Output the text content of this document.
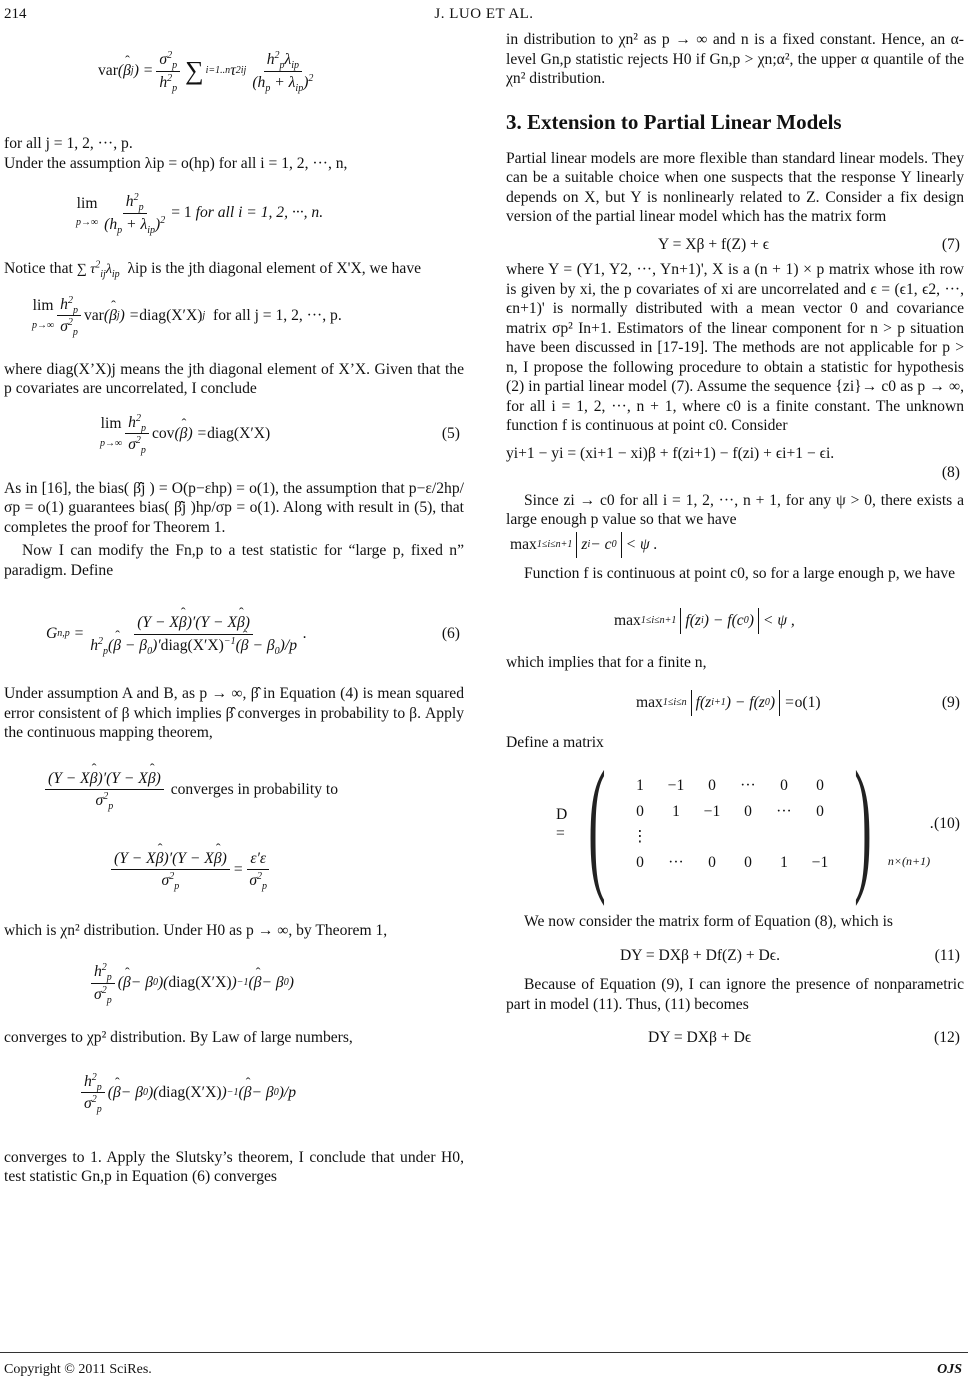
214	J. LUO ET AL.
var ( ˆ β j ) = $\frac{\sigma^2_p}{h^2_p}$ ∑ i=1..n τ 2 ij $\frac{h^2_p\lambda_{ip}}{(h_p + \lambda_{ip})^2}$

for all j = 1, 2, ···, p.

Under the assumption λip = o(hp) for all i = 1, 2, ···, n,

lim
$p\to\infty \frac{h^2_p}{(h_p + \lambda_{ip})^2} = 1$
for all i = 1, 2, ···, n.

Notice that ∑ $\tau^2_{ij}\lambda_{ip}$ λip is the jth diagonal element of X'X, we have

lim
$p\to\infty \frac{h^2_p}{\sigma^2_p}$ var ( ˆ β j ) = diag(X′X) j
for all j = 1, 2, ···, p.

where diag(X’X)j means the jth diagonal element of X’X. Given that the p covariates are uncorrelated, I conclude

lim
$p\to\infty \frac{h^2_p}{\sigma^2_p}$ cov ( ˆ β ) = diag(X′X)	(5)

As in [16], the bias( β̂j ) = O(p−εhp) = o(1), the assumption that p−ε/2hp/σp = o(1) guarantees bias( β̂j )hp/σp = o(1). Along with result in (5), that completes the proof for Theorem 1.

Now I can modify the Fn,p to a test statistic for “large p, fixed n” paradigm. Define

G $n,p = \frac{\text{(Y − Xˆ β)′(Y − Xˆ β)}}{h^2_p(ˆ \beta - \beta_0)'diag(X'X)^{-1}(ˆ \beta - \beta_0)/p}$ .	(6)

Under assumption A and B, as p → ∞, β̂ in Equation (4) is mean squared error consistent of β which implies β̂ converges in probability to β. Apply the continuous mapping theorem,

$\frac{\text{(Y − Xˆ β)′(Y − Xˆ β)}}{\sigma^2_p}$
converges in probability to
$\frac{\text{(Y − Xˆ β)′(Y − Xˆ β)}}{\sigma^2_p} = \frac{\varepsilon'\varepsilon}{\sigma^2_p}$

which is χn² distribution. Under H0 as p → ∞, by Theorem 1,

$\frac{h^2_p}{\sigma^2_p}$ ( ˆ β − β 0 )( diag(X′X) ) −1 ( ˆ β − β 0 )

converges to χp² distribution. By Law of large numbers,

$\frac{h^2_p}{\sigma^2_p}$ ( ˆ β − β 0 )( diag(X′X) ) −1 ( ˆ β − β 0 )/p

converges to 1. Apply the Slutsky’s theorem, I conclude that under H0, test statistic Gn,p in Equation (6) converges

in distribution to χn² as p → ∞ and n is a fixed constant. Hence, an α-level Gn,p statistic rejects H0 if Gn,p > χn;α², the upper α quantile of the χn² distribution.

3. Extension to Partial Linear Models

Partial linear models are more flexible than standard linear models. They can be a suitable choice when one suspects that the response Y linearly depends on X, but Y is nonlinearly related to Z. Consider a fix design version of the partial linear model which has the matrix form

Y = Xβ + f(Z) + ϵ	(7)

where Y = (Y1, Y2, ···, Yn+1)', X is a (n + 1) × p matrix whose ith row is given by xi, the p covariates of xi are uncorrelated and ϵ = (ϵ1, ϵ2, ···, ϵn+1)' is normally distributed with a mean vector 0 and covariance matrix σp² In+1. Estimators of the linear component for n > p situation have been discussed in [17-19]. The methods are not applicable for p > n, I propose the following procedure to obtain a statistic for hypothesis (2) in partial linear model (7). Assume the sequence {zi}→ c0 as p → ∞, for all i = 1, 2, ···, n + 1, where c0 is a finite constant. The unknown function f is continuous at point c0. Consider

yi+1 − yi = (xi+1 − xi)β + f(zi+1) − f(zi) + ϵi+1 − ϵi.
(8)

Since zi → c0 for all i = 1, 2, ···, n + 1, for any ψ > 0, there exists a large enough p value so that we have

max 1≤i≤n+1 z i − c 0 < ψ .

Function f is continuous at point c0, so for a large enough p, we have

max 1≤i≤n+1 f(z i ) − f(c 0 ) < ψ ,

which implies that for a finite n,

max 1≤i≤n f(z i+1 ) − f(z 0 ) = o(1)	(9)

Define a matrix

D = (	1	−1	0	···	0	0
0	1	−1	0	···	0
⋮
0	···	0	0	1	−1 ) n×(n+1)
. (10)

We now consider the matrix form of Equation (8), which is

DY = DXβ + Df(Z) + Dϵ.	(11)

Because of Equation (9), I can ignore the presence of nonparametric part in model (11). Thus, (11) becomes

DY = DXβ + Dϵ	(12)
Copyright © 2011 SciRes.	OJS
